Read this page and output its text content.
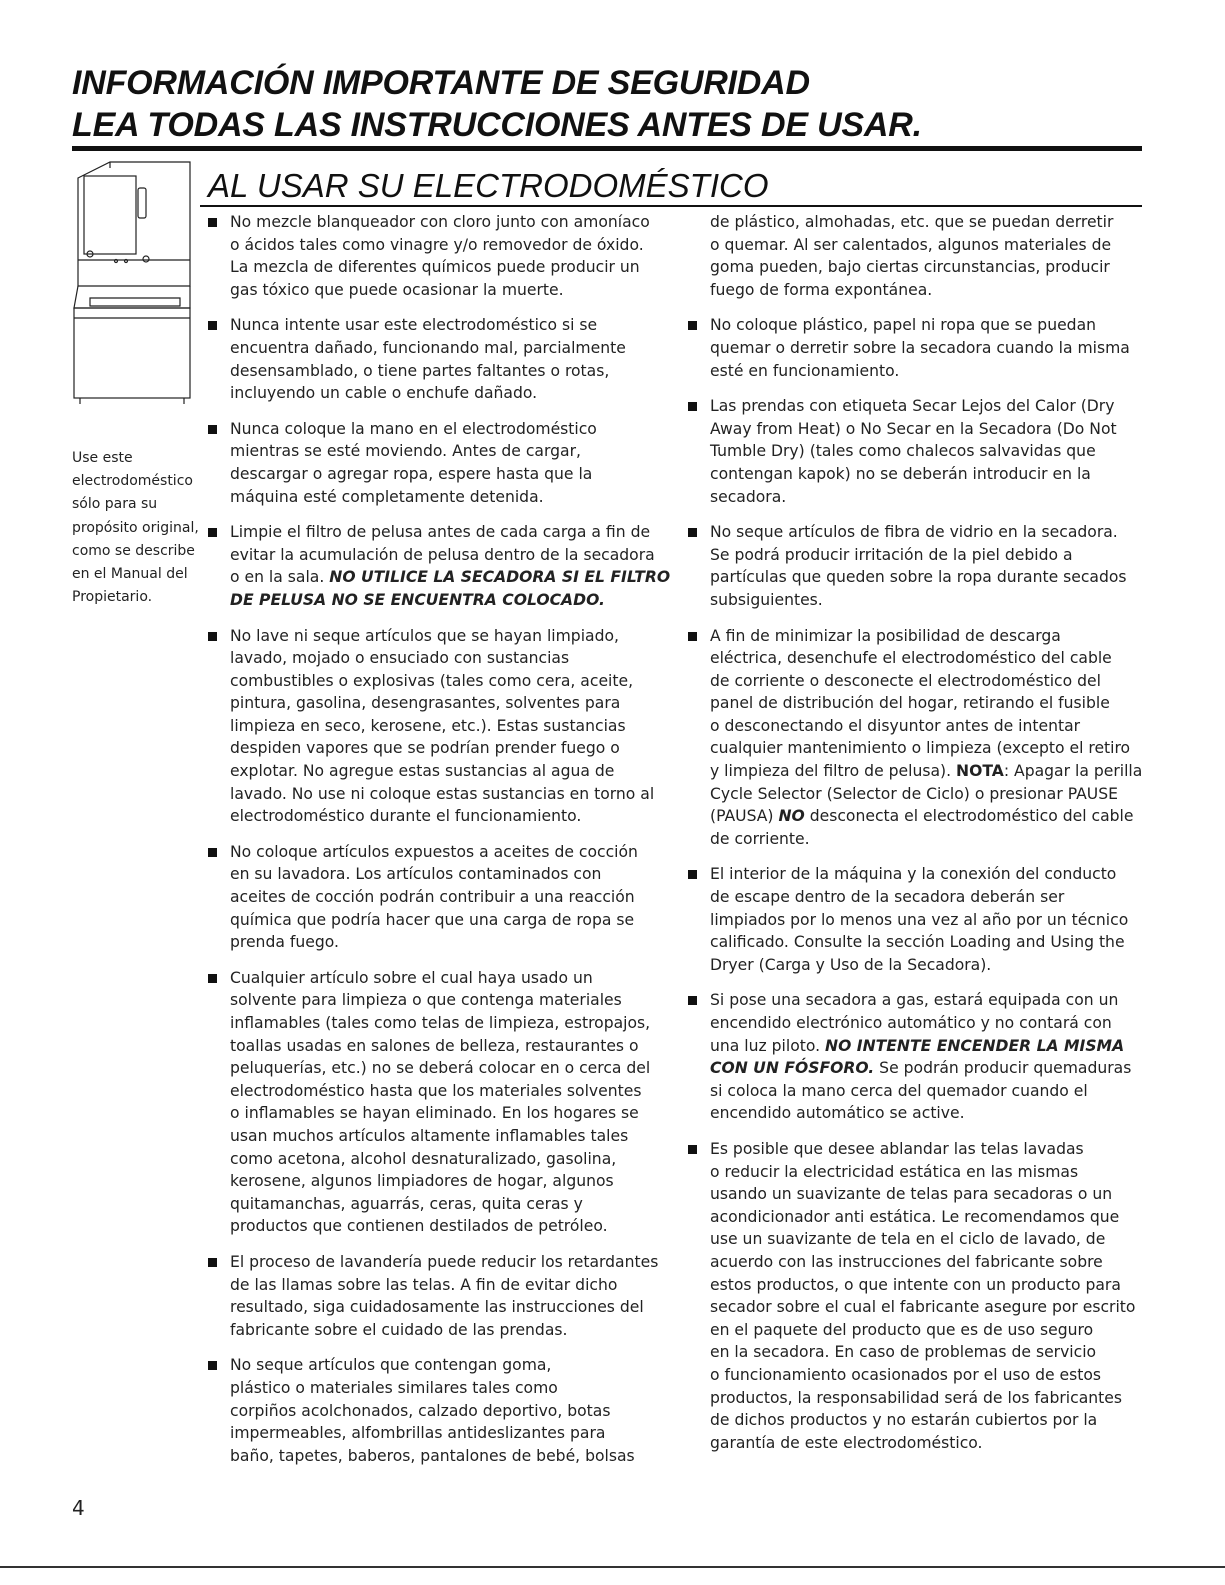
INFORMACIÓN IMPORTANTE DE SEGURIDAD
LEA TODAS LAS INSTRUCCIONES ANTES DE USAR.
AL USAR SU ELECTRODOMÉSTICO
Use este
electrodoméstico
sólo para su
propósito original,
como se describe
en el Manual del
Propietario.
No mezcle blanqueador con cloro junto con amoníaco
o ácidos tales como vinagre y/o removedor de óxido.
La mezcla de diferentes químicos puede producir un
gas tóxico que puede ocasionar la muerte.
Nunca intente usar este electrodoméstico si se
encuentra dañado, funcionando mal, parcialmente
desensamblado, o tiene partes faltantes o rotas,
incluyendo un cable o enchufe dañado.
Nunca coloque la mano en el electrodoméstico
mientras se esté moviendo. Antes de cargar,
descargar o agregar ropa, espere hasta que la
máquina esté completamente detenida.
Limpie el filtro de pelusa antes de cada carga a fin de
evitar la acumulación de pelusa dentro de la secadora
o en la sala. NO UTILICE LA SECADORA SI EL FILTRO
DE PELUSA NO SE ENCUENTRA COLOCADO.
No lave ni seque artículos que se hayan limpiado,
lavado, mojado o ensuciado con sustancias
combustibles o explosivas (tales como cera, aceite,
pintura, gasolina, desengrasantes, solventes para
limpieza en seco, kerosene, etc.). Estas sustancias
despiden vapores que se podrían prender fuego o
explotar. No agregue estas sustancias al agua de
lavado. No use ni coloque estas sustancias en torno al
electrodoméstico durante el funcionamiento.
No coloque artículos expuestos a aceites de cocción
en su lavadora. Los artículos contaminados con
aceites de cocción podrán contribuir a una reacción
química que podría hacer que una carga de ropa se
prenda fuego.
Cualquier artículo sobre el cual haya usado un
solvente para limpieza o que contenga materiales
inflamables (tales como telas de limpieza, estropajos,
toallas usadas en salones de belleza, restaurantes o
peluquerías, etc.) no se deberá colocar en o cerca del
electrodoméstico hasta que los materiales solventes
o inflamables se hayan eliminado. En los hogares se
usan muchos artículos altamente inflamables tales
como acetona, alcohol desnaturalizado, gasolina,
kerosene, algunos limpiadores de hogar, algunos
quitamanchas, aguarrás, ceras, quita ceras y
productos que contienen destilados de petróleo.
El proceso de lavandería puede reducir los retardantes
de las llamas sobre las telas. A fin de evitar dicho
resultado, siga cuidadosamente las instrucciones del
fabricante sobre el cuidado de las prendas.
No seque artículos que contengan goma,
plástico o materiales similares tales como
corpiños acolchonados, calzado deportivo, botas
impermeables, alfombrillas antideslizantes para
baño, tapetes, baberos, pantalones de bebé, bolsas
de plástico, almohadas, etc. que se puedan derretir
o quemar. Al ser calentados, algunos materiales de
goma pueden, bajo ciertas circunstancias, producir
fuego de forma expontánea.
No coloque plástico, papel ni ropa que se puedan
quemar o derretir sobre la secadora cuando la misma
esté en funcionamiento.
Las prendas con etiqueta Secar Lejos del Calor (Dry
Away from Heat) o No Secar en la Secadora (Do Not
Tumble Dry) (tales como chalecos salvavidas que
contengan kapok) no se deberán introducir en la
secadora.
No seque artículos de fibra de vidrio en la secadora.
Se podrá producir irritación de la piel debido a
partículas que queden sobre la ropa durante secados
subsiguientes.
A fin de minimizar la posibilidad de descarga
eléctrica, desenchufe el electrodoméstico del cable
de corriente o desconecte el electrodoméstico del
panel de distribución del hogar, retirando el fusible
o desconectando el disyuntor antes de intentar
cualquier mantenimiento o limpieza (excepto el retiro
y limpieza del filtro de pelusa). NOTA: Apagar la perilla
Cycle Selector (Selector de Ciclo) o presionar PAUSE
(PAUSA) NO desconecta el electrodoméstico del cable
de corriente.
El interior de la máquina y la conexión del conducto
de escape dentro de la secadora deberán ser
limpiados por lo menos una vez al año por un técnico
calificado. Consulte la sección Loading and Using the
Dryer (Carga y Uso de la Secadora).
Si pose una secadora a gas, estará equipada con un
encendido electrónico automático y no contará con
una luz piloto. NO INTENTE ENCENDER LA MISMA
CON UN FÓSFORO. Se podrán producir quemaduras
si coloca la mano cerca del quemador cuando el
encendido automático se active.
Es posible que desee ablandar las telas lavadas
o reducir la electricidad estática en las mismas
usando un suavizante de telas para secadoras o un
acondicionador anti estática. Le recomendamos que
use un suavizante de tela en el ciclo de lavado, de
acuerdo con las instrucciones del fabricante sobre
estos productos, o que intente con un producto para
secador sobre el cual el fabricante asegure por escrito
en el paquete del producto que es de uso seguro
en la secadora. En caso de problemas de servicio
o funcionamiento ocasionados por el uso de estos
productos, la responsabilidad será de los fabricantes
de dichos productos y no estarán cubiertos por la
garantía de este electrodoméstico.
4
